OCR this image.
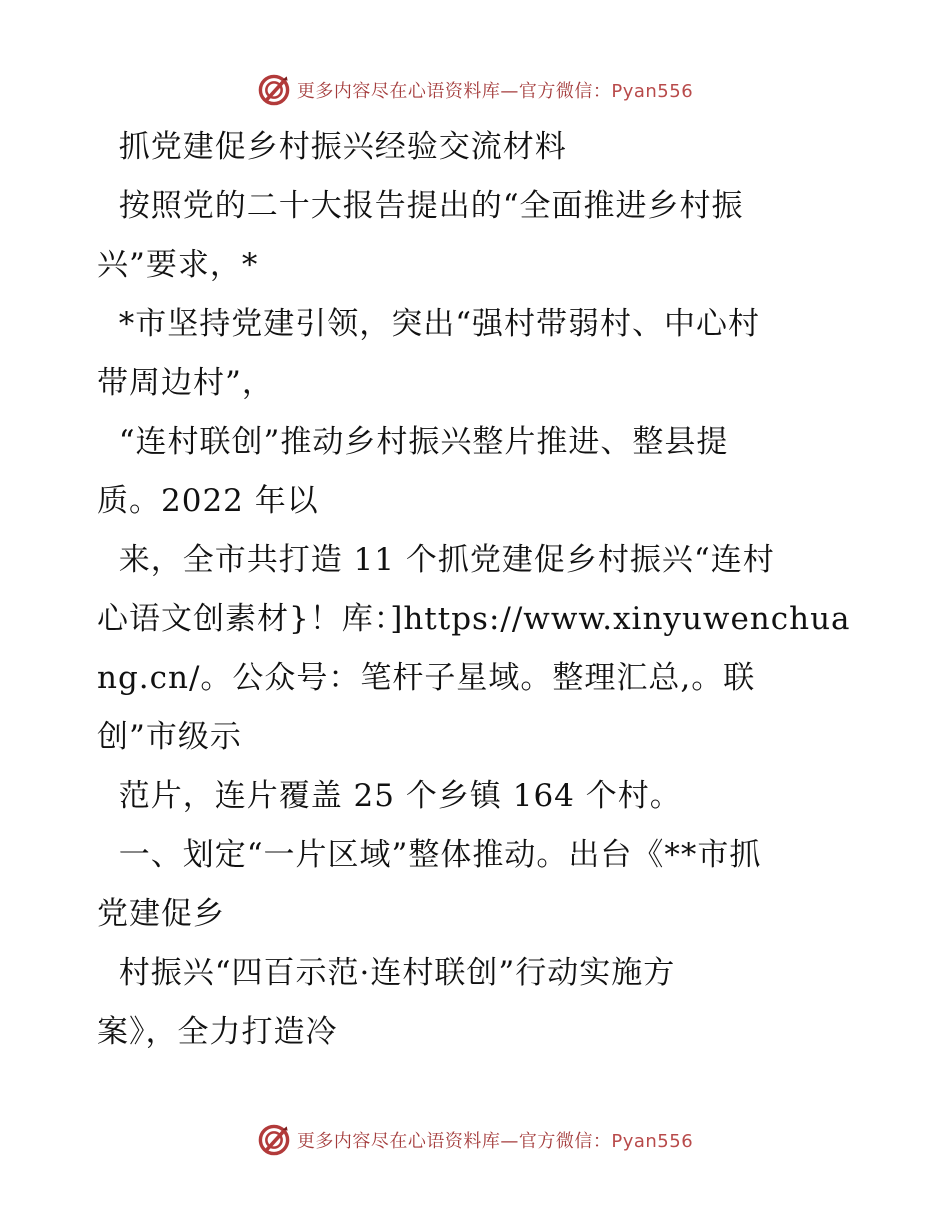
更多内容尽在心语资料库—官方微信：Pyan556
抓党建促乡村振兴经验交流材料
按照党的二十大报告提出的“全面推进乡村振
兴”要求，*
*市坚持党建引领，突出“强村带弱村、中心村
带周边村”，
“连村联创”推动乡村振兴整片推进、整县提
质。2022 年以
来，全市共打造 11 个抓党建促乡村振兴“连村
心语文创素材}！库：]https://www.xinyuwenchua
ng.cn/。公众号：笔杆子星域。整理汇总,。联
创”市级示
范片，连片覆盖 25 个乡镇 164 个村。
一、划定“一片区域”整体推动。出台《**市抓
党建促乡
村振兴“四百示范·连村联创”行动实施方
案》，全力打造冷
更多内容尽在心语资料库—官方微信：Pyan556
